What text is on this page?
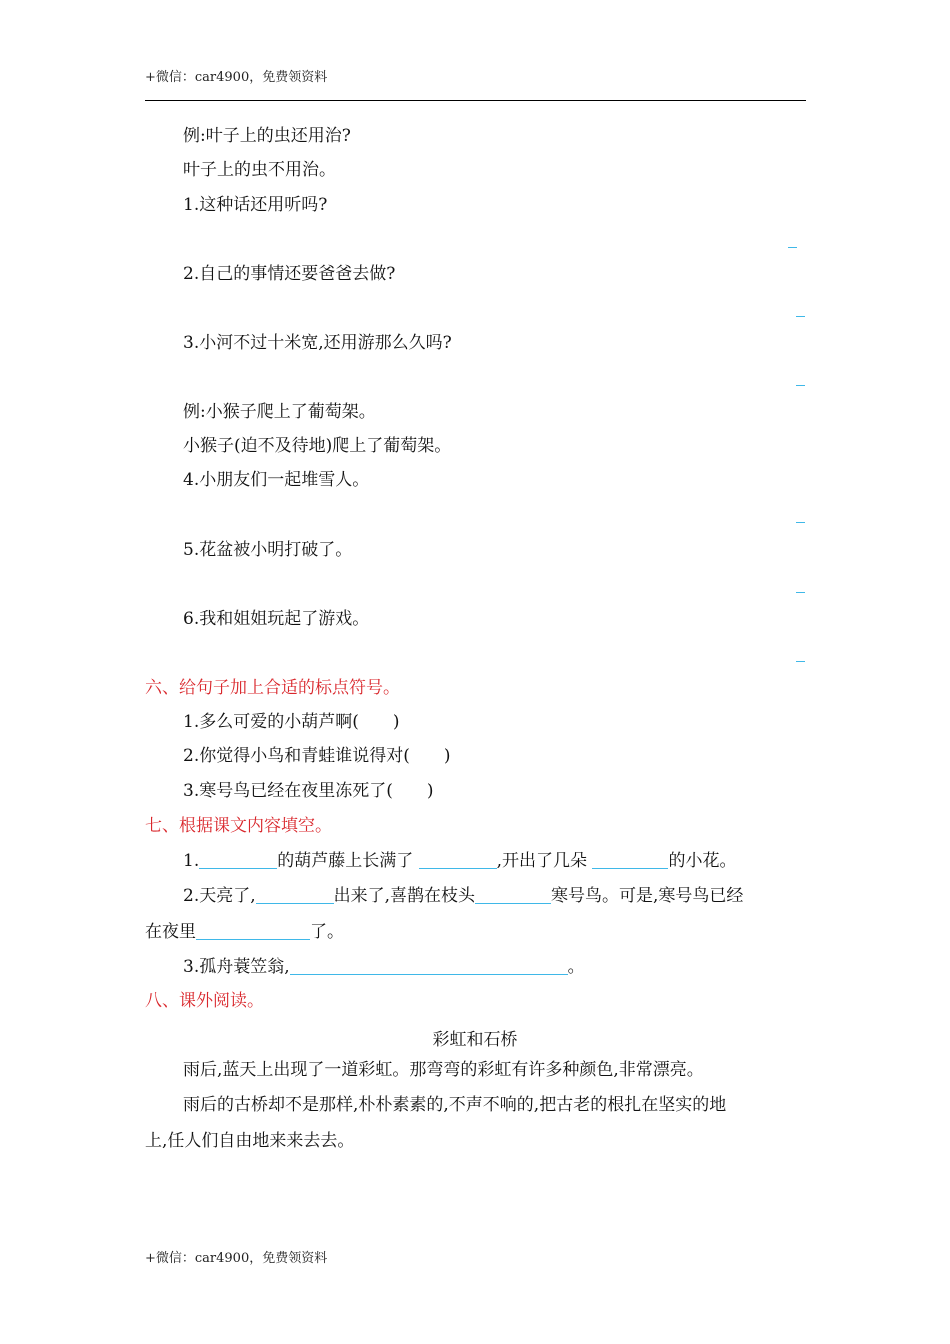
+微信：car4900，免费领资料
例:叶子上的虫还用治?
叶子上的虫不用治。
1.这种话还用听吗?
2.自己的事情还要爸爸去做?
3.小河不过十米宽,还用游那么久吗?
例:小猴子爬上了葡萄架。
小猴子(迫不及待地)爬上了葡萄架。
4.小朋友们一起堆雪人。
5.花盆被小明打破了。
6.我和姐姐玩起了游戏。
六、给句子加上合适的标点符号。
1.多么可爱的小葫芦啊(　　)
2.你觉得小鸟和青蛙谁说得对(　　)
3.寒号鸟已经在夜里冻死了(　　)
七、根据课文内容填空。
1.	的葫芦藤上长满了	,开出了几朵	的小花。
2.天亮了,	出来了,喜鹊在枝头	寒号鸟。可是,寒号鸟已经
在夜里	了。
3.孤舟蓑笠翁,	。
八、课外阅读。
彩虹和石桥
雨后,蓝天上出现了一道彩虹。那弯弯的彩虹有许多种颜色,非常漂亮。
雨后的古桥却不是那样,朴朴素素的,不声不响的,把古老的根扎在坚实的地
上,任人们自由地来来去去。
+微信：car4900，免费领资料
